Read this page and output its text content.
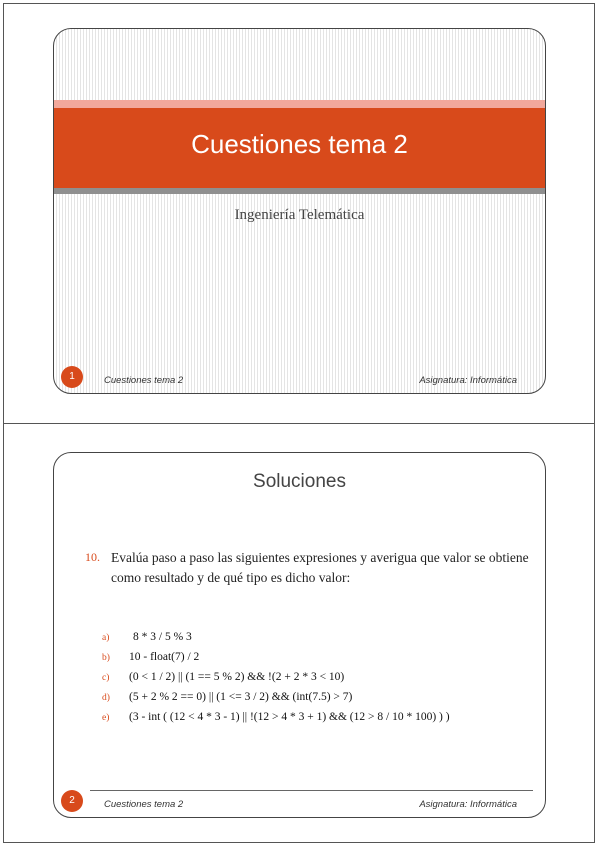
Cuestiones tema 2
Ingeniería Telemática
1	Cuestiones tema 2	Asignatura: Informática
Soluciones
10. Evalúa paso a paso las siguientes expresiones y averigua que valor se obtiene como resultado y de qué tipo es dicho valor:
a) 8 * 3 / 5 % 3
b) 10 - float(7) / 2
c) (0 < 1 / 2) || (1 == 5 % 2) && !(2 + 2 * 3 < 10)
d) (5 + 2 % 2 == 0) || (1 <= 3 / 2) && (int(7.5) > 7)
e) (3 - int ( (12 < 4 * 3 - 1) || !(12 > 4 * 3 + 1) && (12 > 8 / 10 * 100) ) )
2	Cuestiones tema 2	Asignatura: Informática
